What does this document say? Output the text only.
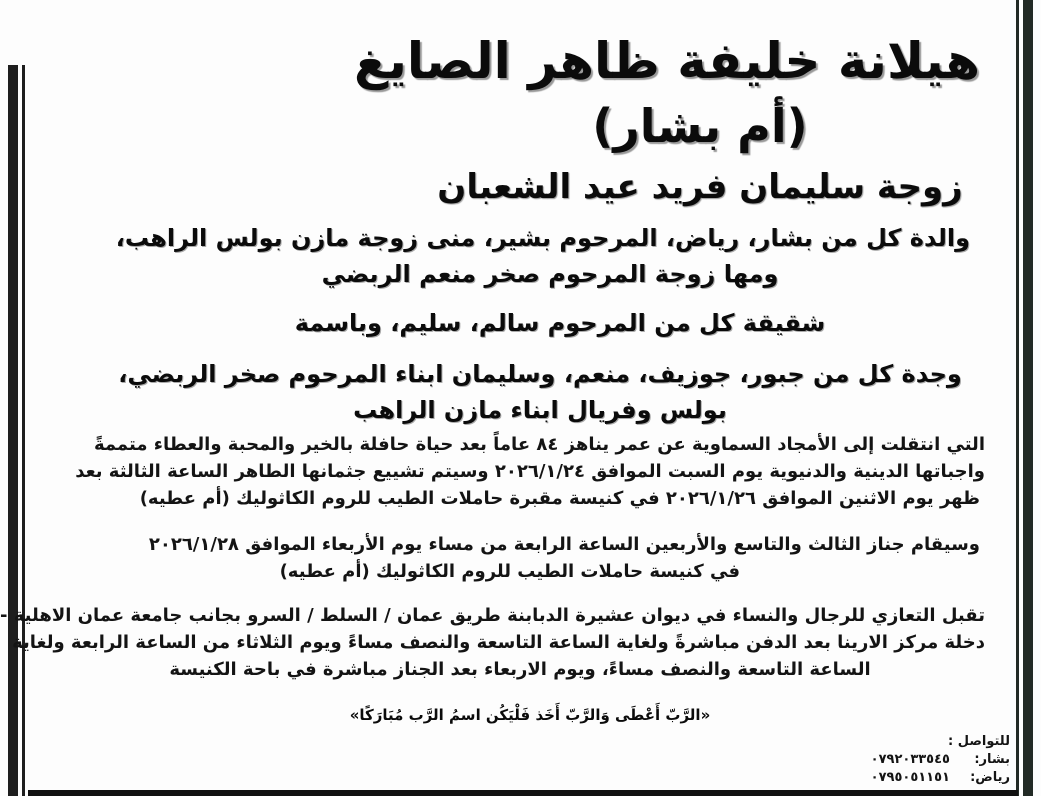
هيلانة خليفة ظاهر الصايغ
(أم بشار)
زوجة سليمان فريد عيد الشعبان
والدة كل من بشار، رياض، المرحوم بشير، منى زوجة مازن بولس الراهب،
ومها زوجة المرحوم صخر منعم الربضي
شقيقة كل من المرحوم سالم، سليم، وباسمة
وجدة كل من جبور، جوزيف، منعم، وسليمان ابناء المرحوم صخر الربضي،
بولس وفريال ابناء مازن الراهب
التي انتقلت إلى الأمجاد السماوية عن عمر يناهز ٨٤ عاماً بعد حياة حافلة بالخير والمحبة والعطاء متممةً
واجباتها الدينية والدنيوية يوم السبت الموافق ٢٠٢٦/١/٢٤ وسيتم تشييع جثمانها الطاهر الساعة الثالثة بعد
ظهر يوم الاثنين الموافق ٢٠٢٦/١/٢٦ في كنيسة مقبرة حاملات الطيب للروم الكاثوليك (أم عطيه)
وسيقام جناز الثالث والتاسع والأربعين الساعة الرابعة من مساء يوم الأربعاء الموافق ٢٠٢٦/١/٢٨
في كنيسة حاملات الطيب للروم الكاثوليك (أم عطيه)
تقبل التعازي للرجال والنساء في ديوان عشيرة الدبابنة طريق عمان / السلط / السرو بجانب جامعة عمان الاهلية -
دخلة مركز الارينا بعد الدفن مباشرةً ولغاية الساعة التاسعة والنصف مساءً ويوم الثلاثاء من الساعة الرابعة ولغاية
الساعة التاسعة والنصف مساءً، ويوم الاربعاء بعد الجناز مباشرة في باحة الكنيسة
«الرَّبّ أَعْطَى وَالرَّبّ أَخَذ فَلْيَكُن اسمُ الرَّب مُبَارَكًا»
للتواصل :
بشار:
٠٧٩٢٠٣٣٥٤٥
رياض:
٠٧٩٥٠٥١١٥١
